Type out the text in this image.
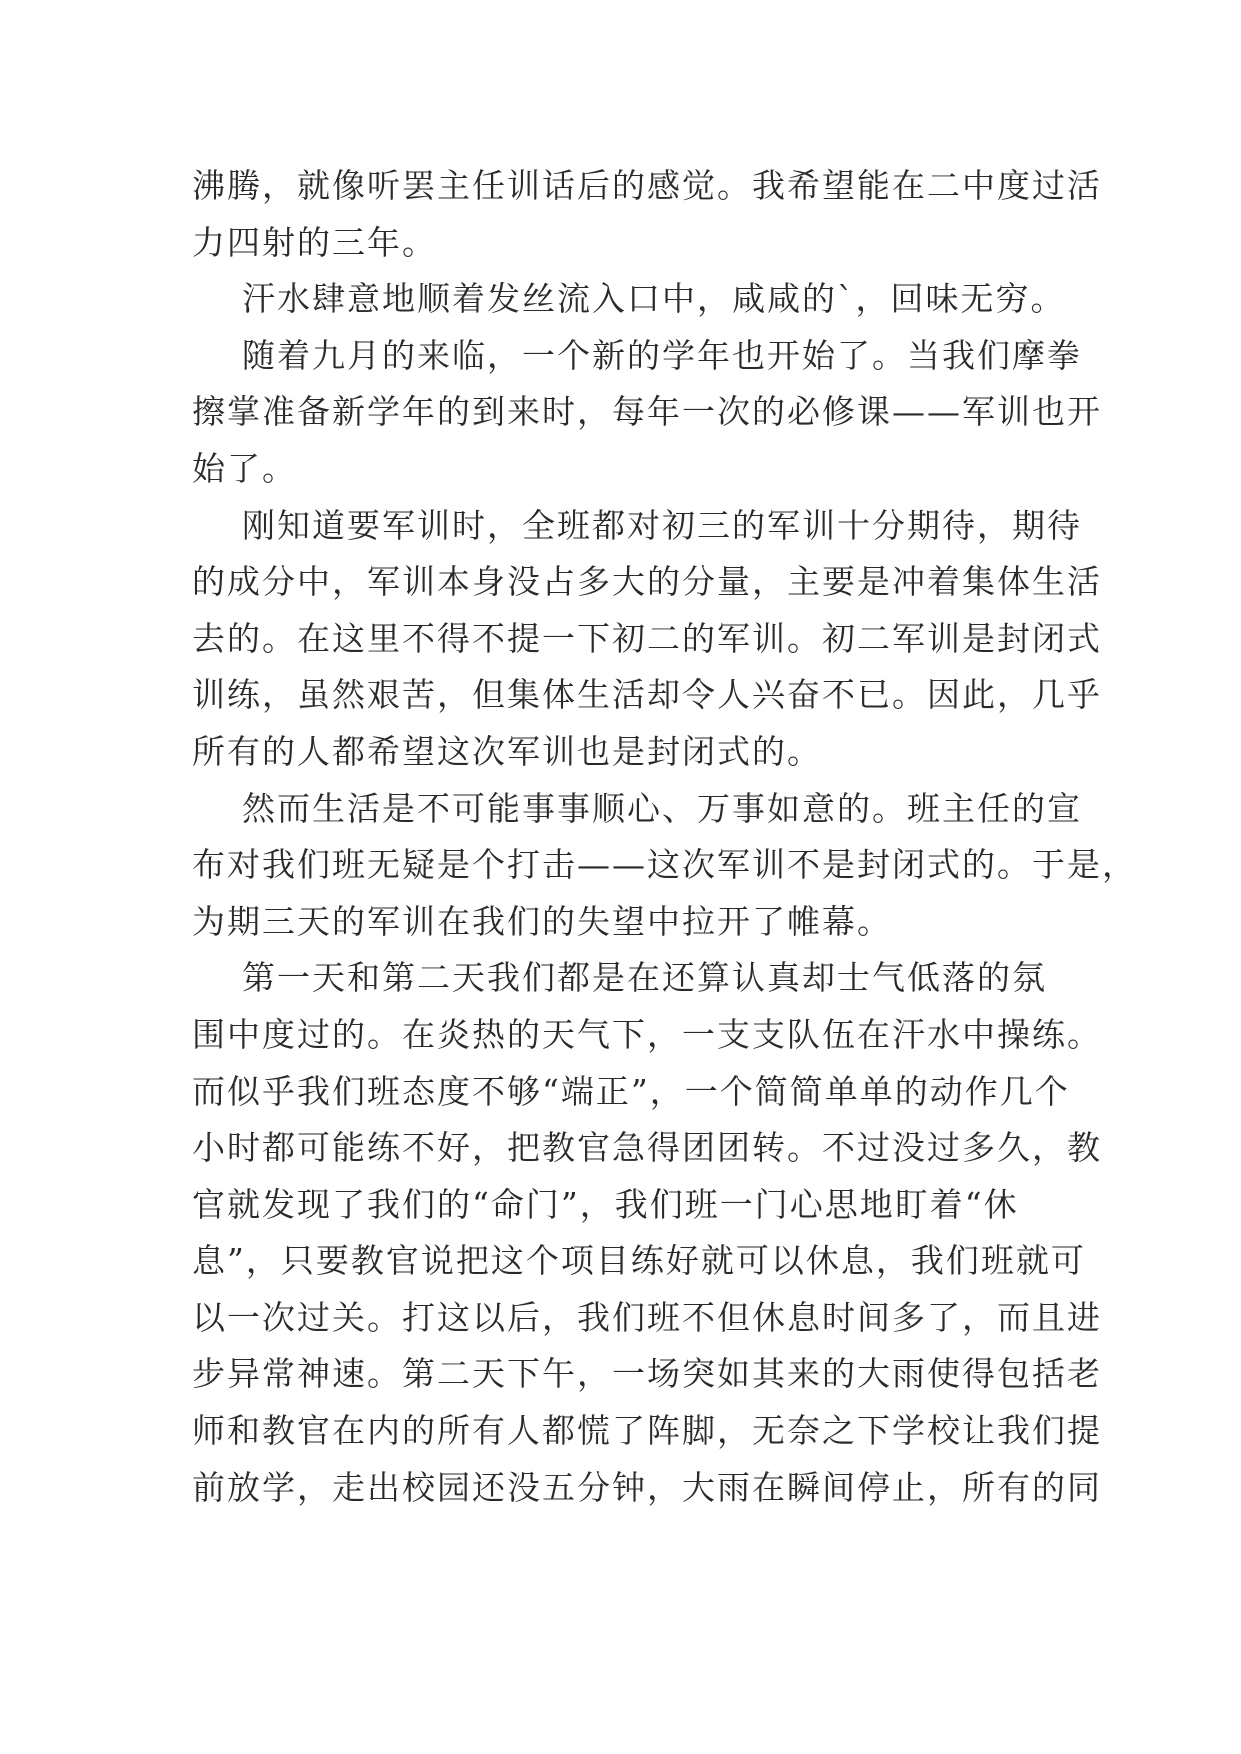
沸腾，就像听罢主任训话后的感觉。我希望能在二中度过活
力四射的三年。
汗水肆意地顺着发丝流入口中，咸咸的`，回味无穷。
随着九月的来临，一个新的学年也开始了。当我们摩拳
擦掌准备新学年的到来时，每年一次的必修课——军训也开
始了。
刚知道要军训时，全班都对初三的军训十分期待，期待
的成分中，军训本身没占多大的分量，主要是冲着集体生活
去的。在这里不得不提一下初二的军训。初二军训是封闭式
训练，虽然艰苦，但集体生活却令人兴奋不已。因此，几乎
所有的人都希望这次军训也是封闭式的。
然而生活是不可能事事顺心、万事如意的。班主任的宣
布对我们班无疑是个打击——这次军训不是封闭式的。于是，
为期三天的军训在我们的失望中拉开了帷幕。
第一天和第二天我们都是在还算认真却士气低落的氛
围中度过的。在炎热的天气下，一支支队伍在汗水中操练。
而似乎我们班态度不够“端正”，一个简简单单的动作几个
小时都可能练不好，把教官急得团团转。不过没过多久，教
官就发现了我们的“命门”，我们班一门心思地盯着“休
息”，只要教官说把这个项目练好就可以休息，我们班就可
以一次过关。打这以后，我们班不但休息时间多了，而且进
步异常神速。第二天下午，一场突如其来的大雨使得包括老
师和教官在内的所有人都慌了阵脚，无奈之下学校让我们提
前放学，走出校园还没五分钟，大雨在瞬间停止，所有的同
